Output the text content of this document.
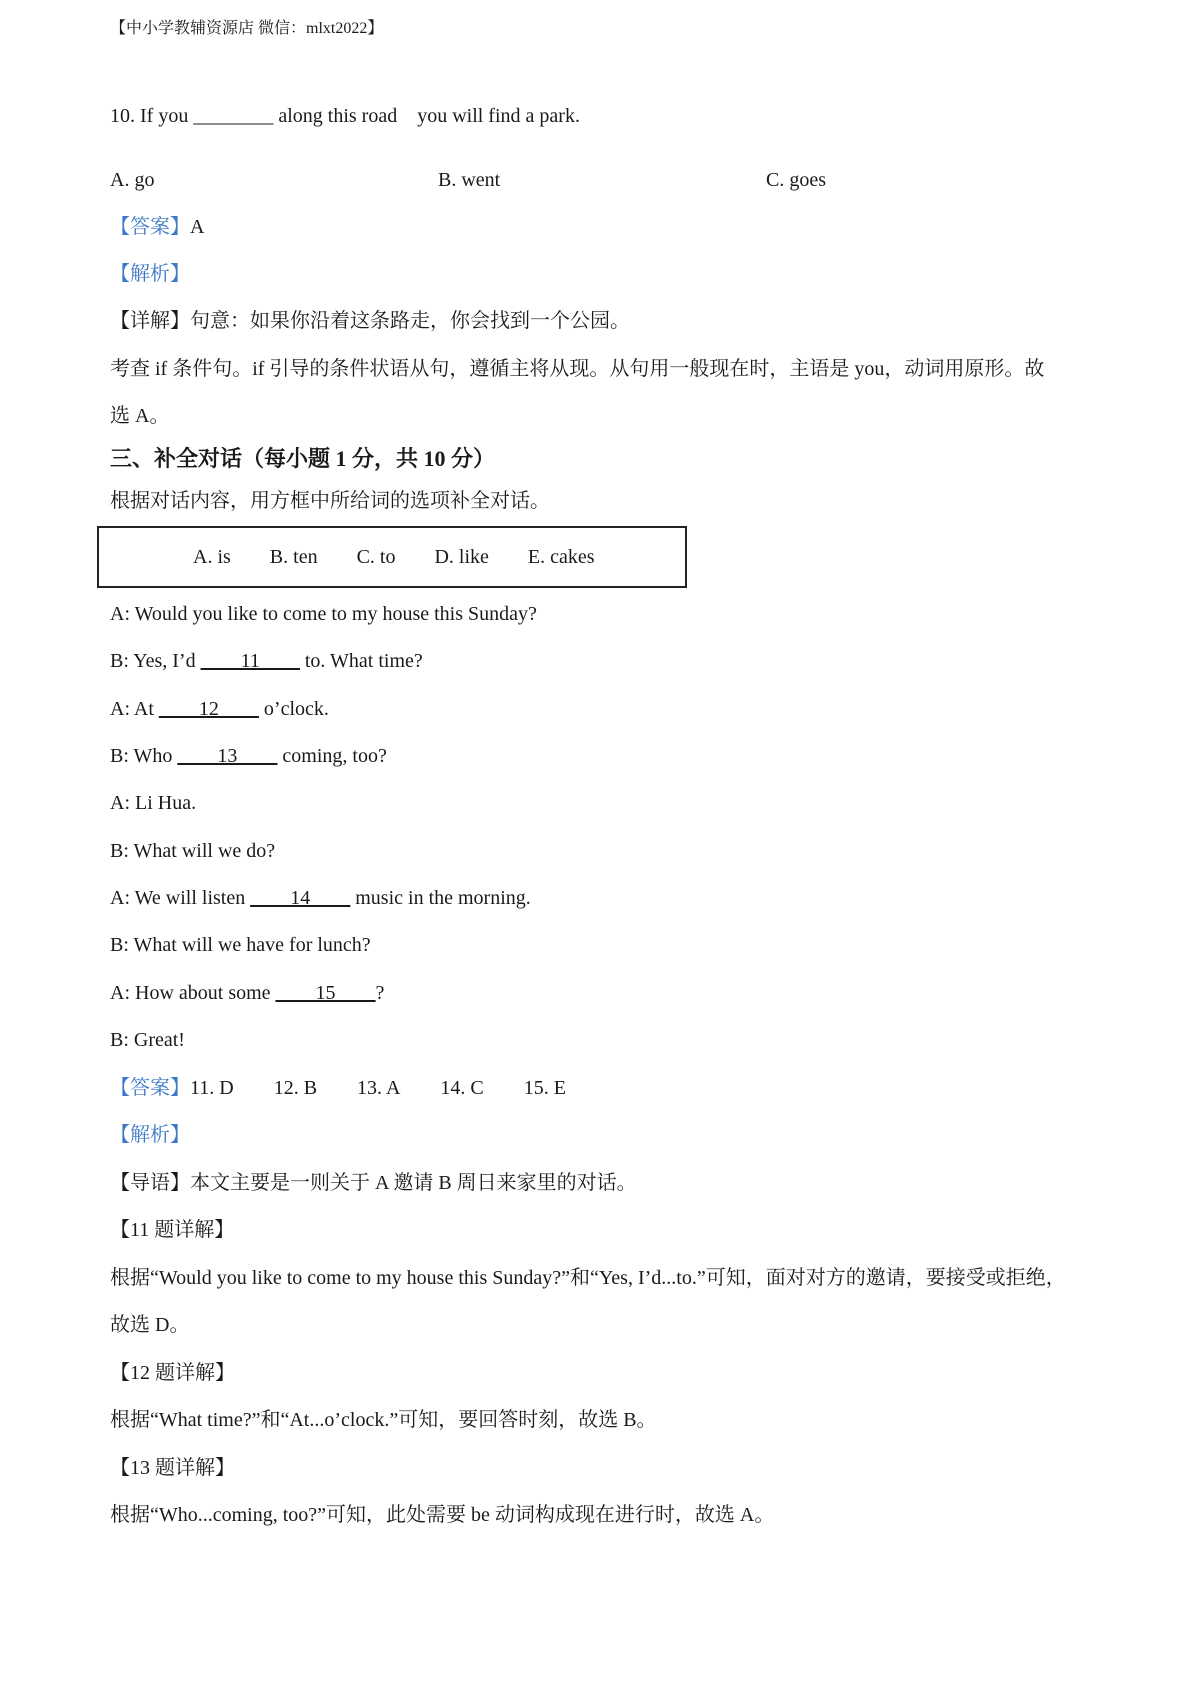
【中小学教辅资源店 微信：mlxt2022】
10. If you ________ along this road    you will find a park.
A. go	B. went	C. goes
【答案】A
【解析】
【详解】句意：如果你沿着这条路走，你会找到一个公园。
考查 if 条件句。if 引导的条件状语从句，遵循主将从现。从句用一般现在时，主语是 you，动词用原形。故
选 A。
三、补全对话（每小题 1 分，共 10 分）
根据对话内容，用方框中所给词的选项补全对话。
A. is B. ten C. to D. like E. cakes
A: Would you like to come to my house this Sunday?
B: Yes, I’d ____11____ to. What time?
A: At ____12____ o’clock.
B: Who ____13____ coming, too?
A: Li Hua.
B: What will we do?
A: We will listen ____14____ music in the morning.
B: What will we have for lunch?
A: How about some ____15____?
B: Great!
【答案】11. D 12. B 13. A 14. C 15. E
【解析】
【导语】本文主要是一则关于 A 邀请 B 周日来家里的对话。
【11 题详解】
根据“Would you like to come to my house this Sunday?”和“Yes, I’d...to.”可知，面对对方的邀请，要接受或拒绝，
故选 D。
【12 题详解】
根据“What time?”和“At...o’clock.”可知，要回答时刻，故选 B。
【13 题详解】
根据“Who...coming, too?”可知，此处需要 be 动词构成现在进行时，故选 A。
